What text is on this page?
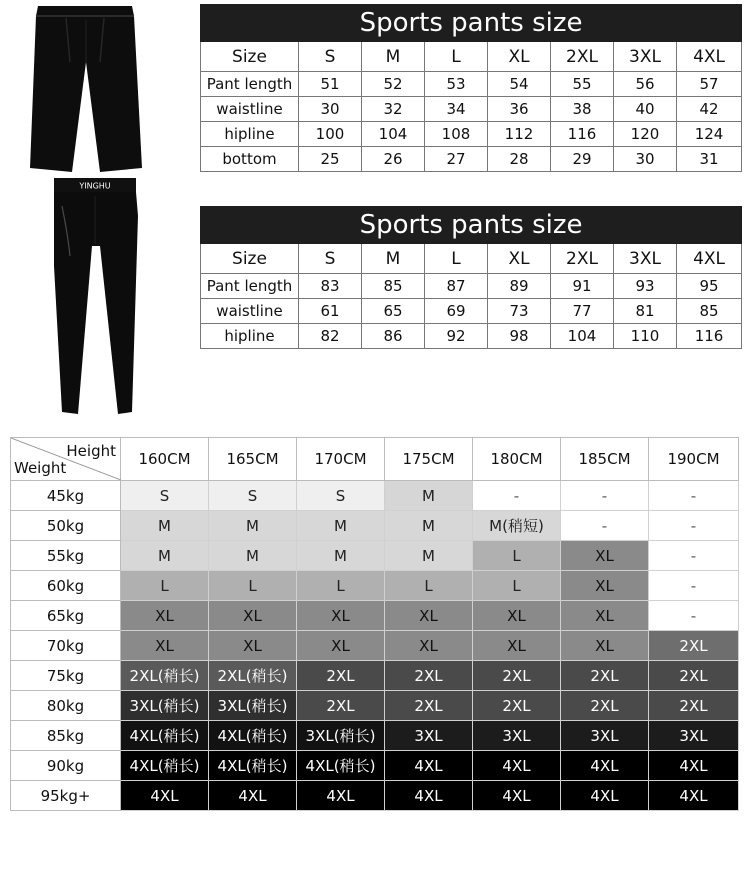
YINGHU
Sports pants size							
Size	S	M	L	XL	2XL	3XL	4XL
Pant length	51	52	53	54	55	56	57
waistline	30	32	34	36	38	40	42
hipline	100	104	108	112	116	120	124
bottom	25	26	27	28	29	30	31
Sports pants size							
Size	S	M	L	XL	2XL	3XL	4XL
Pant length	83	85	87	89	91	93	95
waistline	61	65	69	73	77	81	85
hipline	82	86	92	98	104	110	116
Height
Weight	160CM	165CM	170CM	175CM	180CM	185CM	190CM
45kg	S	S	S	M	-	-	-
50kg	M	M	M	M	M(稍短)	-	-
55kg	M	M	M	M	L	XL	-
60kg	L	L	L	L	L	XL	-
65kg	XL	XL	XL	XL	XL	XL	-
70kg	XL	XL	XL	XL	XL	XL	2XL
75kg	2XL(稍长)	2XL(稍长)	2XL	2XL	2XL	2XL	2XL
80kg	3XL(稍长)	3XL(稍长)	2XL	2XL	2XL	2XL	2XL
85kg	4XL(稍长)	4XL(稍长)	3XL(稍长)	3XL	3XL	3XL	3XL
90kg	4XL(稍长)	4XL(稍长)	4XL(稍长)	4XL	4XL	4XL	4XL
95kg+	4XL	4XL	4XL	4XL	4XL	4XL	4XL
